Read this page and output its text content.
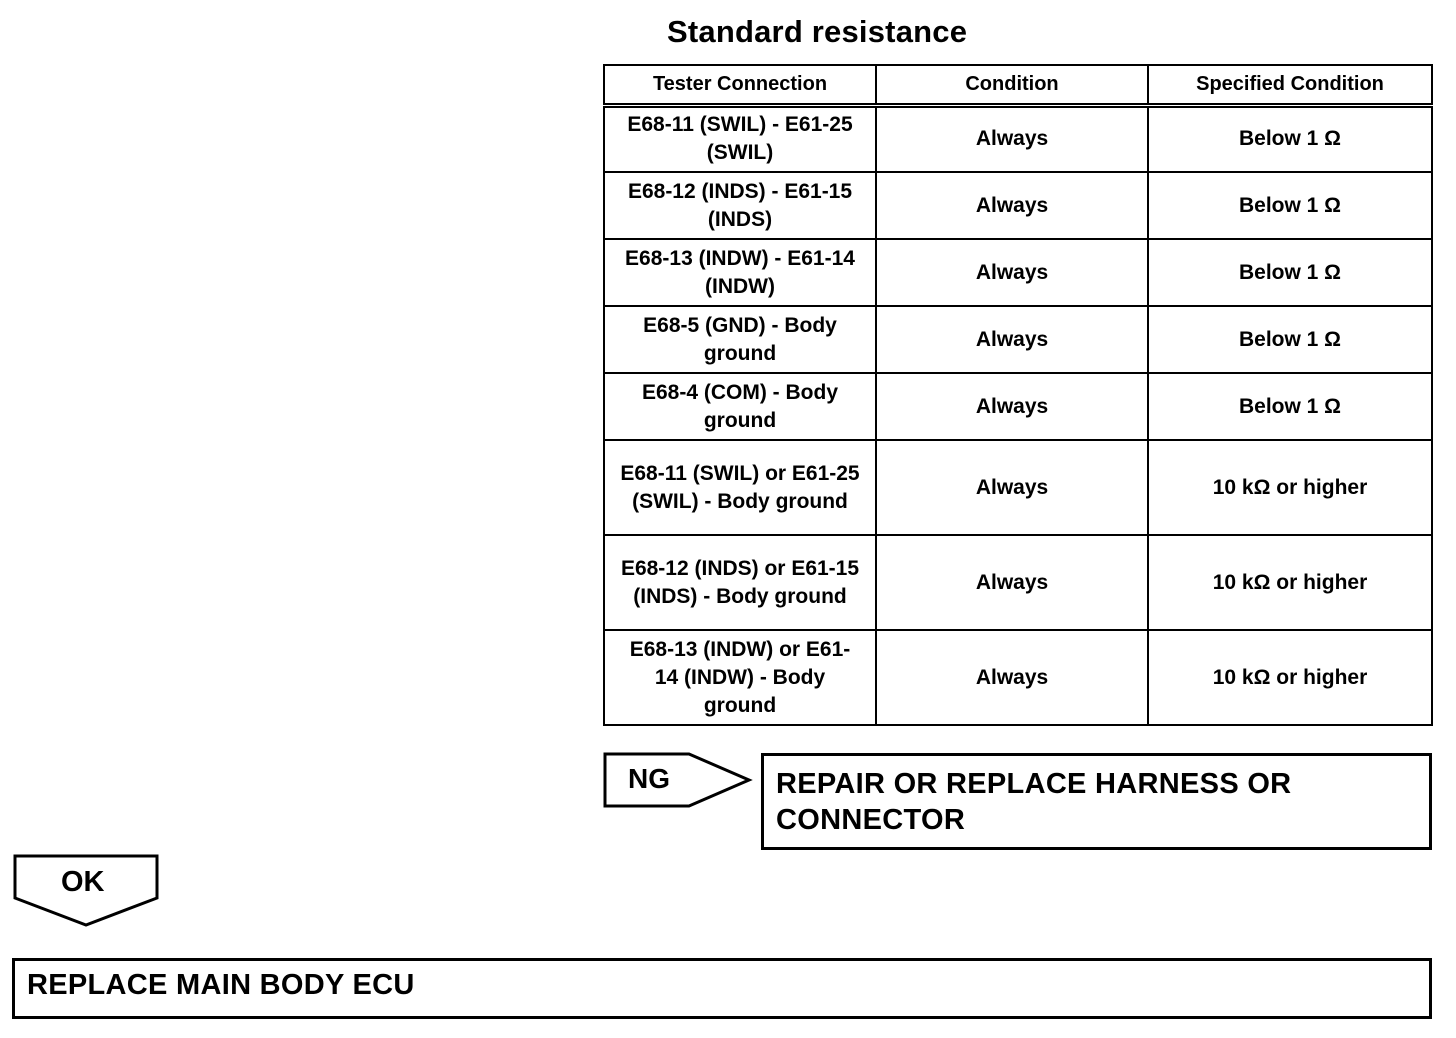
Standard resistance
Tester Connection	Condition	Specified Condition
E68-11 (SWIL) - E61-25 (SWIL)	Always	Below 1 Ω
E68-12 (INDS) - E61-15 (INDS)	Always	Below 1 Ω
E68-13 (INDW) - E61-14 (INDW)	Always	Below 1 Ω
E68-5 (GND) - Body ground	Always	Below 1 Ω
E68-4 (COM) - Body ground	Always	Below 1 Ω
E68-11 (SWIL) or E61-25 (SWIL) - Body ground	Always	10 kΩ or higher
E68-12 (INDS) or E61-15 (INDS) - Body ground	Always	10 kΩ or higher
E68-13 (INDW) or E61-14 (INDW) - Body ground	Always	10 kΩ or higher
NG	REPAIR OR REPLACE HARNESS OR CONNECTOR
OK
REPLACE MAIN BODY ECU
